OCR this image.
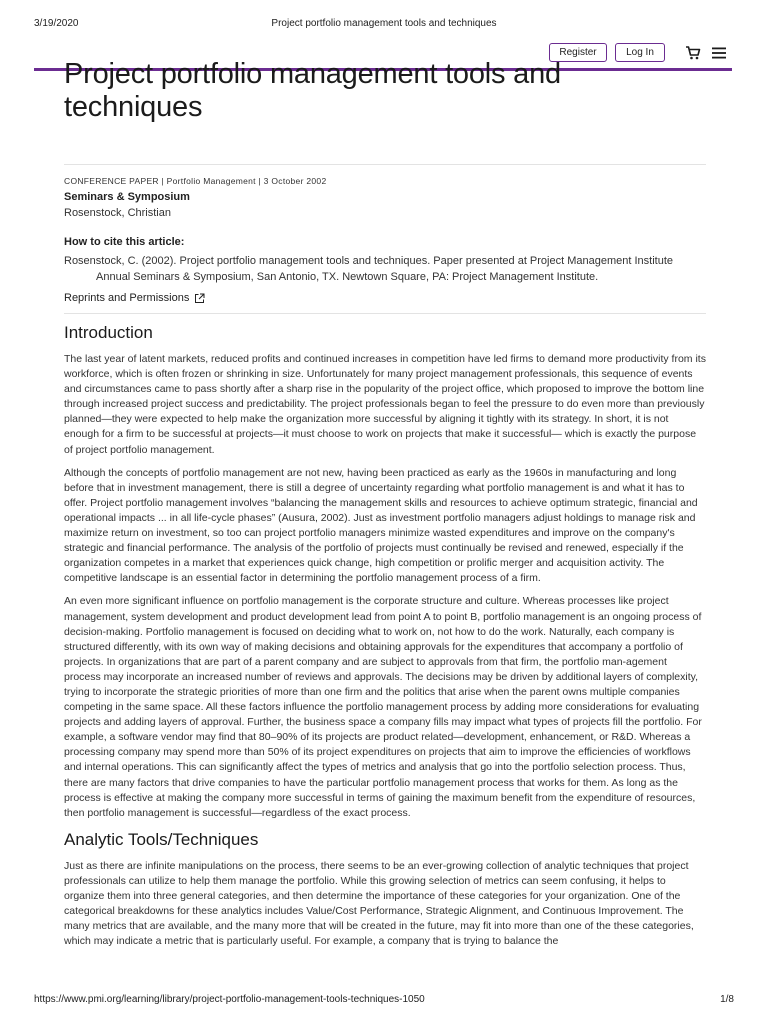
3/19/2020	Project portfolio management tools and techniques
Register	Log In
Project portfolio management tools and techniques
CONFERENCE PAPER | Portfolio Management | 3 October 2002
Seminars & Symposium
Rosenstock, Christian
How to cite this article:
Rosenstock, C. (2002). Project portfolio management tools and techniques. Paper presented at Project Management Institute Annual Seminars & Symposium, San Antonio, TX. Newtown Square, PA: Project Management Institute.
Reprints and Permissions
Introduction

The last year of latent markets, reduced profits and continued increases in competition have led firms to demand more productivity from its workforce, which is often frozen or shrinking in size. Unfortunately for many project management professionals, this sequence of events and circumstances came to pass shortly after a sharp rise in the popularity of the project office, which proposed to improve the bottom line through increased project success and predictability. The project professionals began to feel the pressure to do even more than previously planned—they were expected to help make the organization more successful by aligning it tightly with its strategy. In short, it is not enough for a firm to be successful at projects—it must choose to work on projects that make it successful— which is exactly the purpose of project portfolio management.

Although the concepts of portfolio management are not new, having been practiced as early as the 1960s in manufacturing and long before that in investment management, there is still a degree of uncertainty regarding what portfolio management is and what it has to offer. Project portfolio management involves “balancing the management skills and resources to achieve optimum strategic, financial and operational impacts ... in all life-cycle phases” (Ausura, 2002). Just as investment portfolio managers adjust holdings to manage risk and maximize return on investment, so too can project portfolio managers minimize wasted expenditures and improve on the company's strategic and financial performance. The analysis of the portfolio of projects must continually be revised and renewed, especially if the organization competes in a market that experiences quick change, high competition or prolific merger and acquisition activity. The competitive landscape is an essential factor in determining the portfolio management process of a firm.

An even more significant influence on portfolio management is the corporate structure and culture. Whereas processes like project management, system development and product development lead from point A to point B, portfolio management is an ongoing process of decision-making. Portfolio management is focused on deciding what to work on, not how to do the work. Naturally, each company is structured differently, with its own way of making decisions and obtaining approvals for the expenditures that accompany a portfolio of projects. In organizations that are part of a parent company and are subject to approvals from that firm, the portfolio man-agement process may incorporate an increased number of reviews and approvals. The decisions may be driven by additional layers of complexity, trying to incorporate the strategic priorities of more than one firm and the politics that arise when the parent owns multiple companies competing in the same space. All these factors influence the portfolio management process by adding more considerations for evaluating projects and adding layers of approval. Further, the business space a company fills may impact what types of projects fill the portfolio. For example, a software vendor may find that 80–90% of its projects are product related—development, enhancement, or R&D. Whereas a processing company may spend more than 50% of its project expenditures on projects that aim to improve the efficiencies of workflows and internal operations. This can significantly affect the types of metrics and analysis that go into the portfolio selection process. Thus, there are many factors that drive companies to have the particular portfolio management process that works for them. As long as the process is effective at making the company more successful in terms of gaining the maximum benefit from the expenditure of resources, then portfolio management is successful—regardless of the exact process.

Analytic Tools/Techniques

Just as there are infinite manipulations on the process, there seems to be an ever-growing collection of analytic techniques that project professionals can utilize to help them manage the portfolio. While this growing selection of metrics can seem confusing, it helps to organize them into three general categories, and then determine the importance of these categories for your organization. One of the categorical breakdowns for these analytics includes Value/Cost Performance, Strategic Alignment, and Continuous Improvement. The many metrics that are available, and the many more that will be created in the future, may fit into more than one of the these categories, which may indicate a metric that is particularly useful. For example, a company that is trying to balance the

https://www.pmi.org/learning/library/project-portfolio-management-tools-techniques-1050	1/8
